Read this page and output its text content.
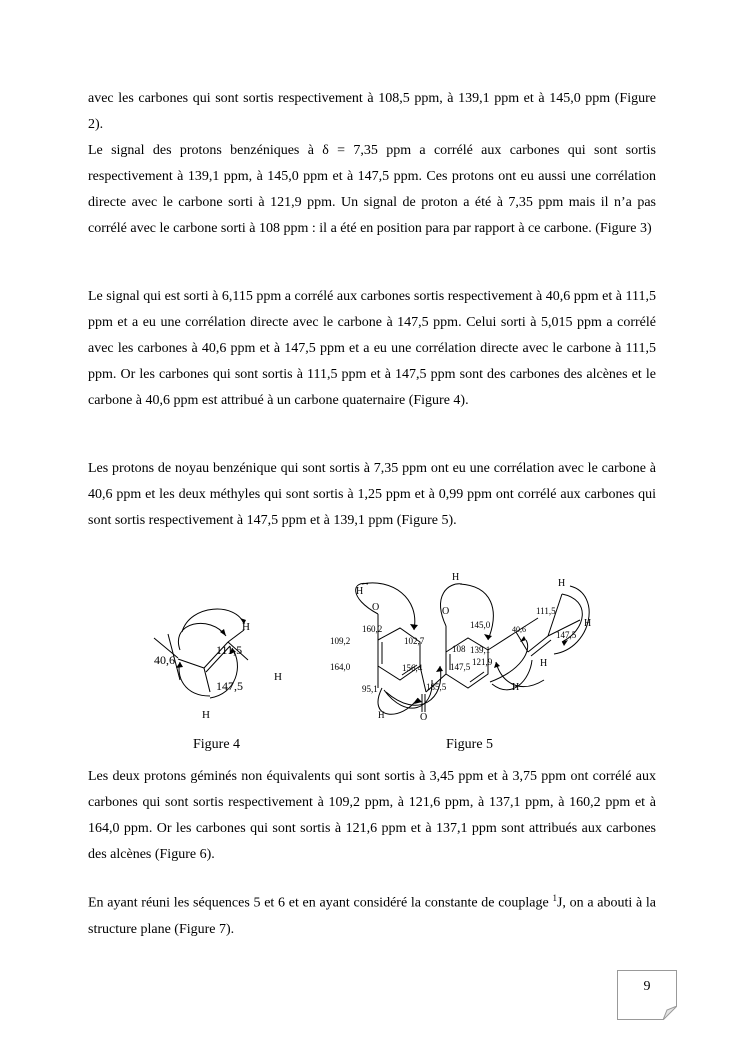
avec les carbones qui sont sortis respectivement à 108,5 ppm, à 139,1 ppm et à 145,0 ppm (Figure 2).

Le signal des protons benzéniques à δ = 7,35 ppm a corrélé aux carbones qui sont sortis respectivement à 139,1 ppm, à 145,0 ppm et à 147,5 ppm. Ces protons ont eu aussi une corrélation directe avec le carbone sorti à 121,9 ppm. Un signal de proton a été à 7,35 ppm mais il n’a pas corrélé avec le carbone sorti à 108 ppm : il a été en position para par rapport à ce carbone. (Figure 3)

Le signal qui est sorti à 6,115 ppm a corrélé aux carbones sortis respectivement à 40,6 ppm et à 111,5 ppm et a eu une corrélation directe avec le carbone à 147,5 ppm. Celui sorti à 5,015 ppm a corrélé avec les carbones à 40,6 ppm et à 147,5 ppm et a eu une corrélation directe avec le carbone à 111,5 ppm. Or les carbones qui sont sortis à 111,5 ppm et à 147,5 ppm sont des carbones des alcènes et le carbone à 40,6 ppm est attribué à un carbone quaternaire (Figure 4).

Les protons de noyau benzénique qui sont sortis à 7,35 ppm ont eu une corrélation avec le carbone à 40,6 ppm et les deux méthyles qui sont sortis à 1,25 ppm et à 0,99 ppm ont corrélé aux carbones qui sont sortis respectivement à 147,5 ppm et à 139,1 ppm (Figure 5).

40,6
111,5
147,5
H
H
H
Figure 4
H
O
160,2
109,2	102,7
164,0	156,4
95,1	185,5
H	O
H
O
145,0
108 139,1
121,9
147,5
40,6
111,5
147,5
H
H
H
H
Figure 5

Les deux protons géminés non équivalents qui sont sortis à 3,45 ppm et à 3,75 ppm ont corrélé aux carbones qui sont sortis respectivement à 109,2 ppm, à 121,6 ppm, à 137,1 ppm, à 160,2 ppm et à 164,0 ppm. Or les carbones qui sont sortis à 121,6 ppm et à 137,1 ppm sont attribués aux carbones des alcènes (Figure 6).

En ayant réuni les séquences 5 et 6 et en ayant considéré la constante de couplage $^1$J, on a abouti à la structure plane (Figure 7).

9
